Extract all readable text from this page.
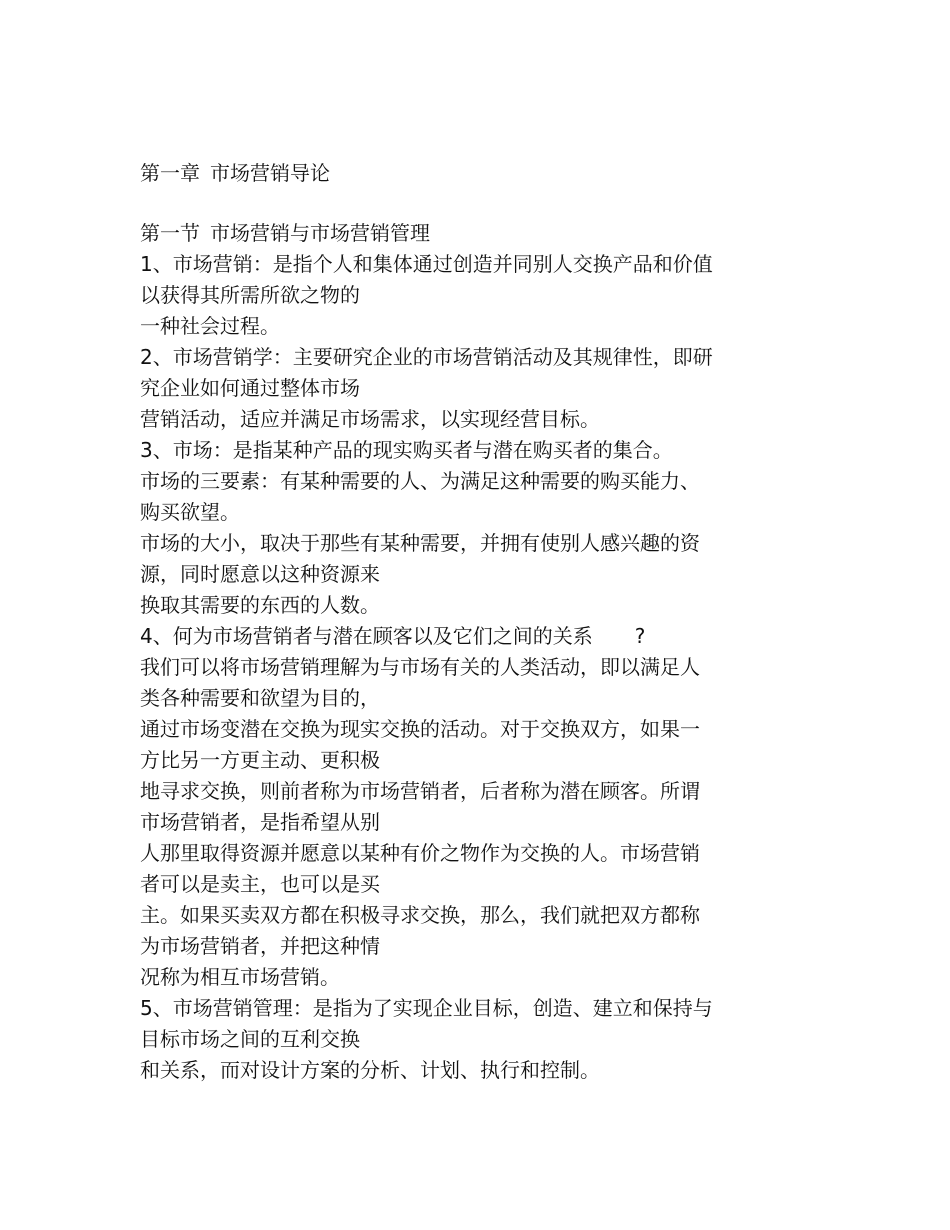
第一章 市场营销导论

第一节 市场营销与市场营销管理

1、市场营销：是指个人和集体通过创造并同别人交换产品和价值

以获得其所需所欲之物的

一种社会过程。

2、市场营销学：主要研究企业的市场营销活动及其规律性，即研

究企业如何通过整体市场

营销活动，适应并满足市场需求，以实现经营目标。

3、市场：是指某种产品的现实购买者与潜在购买者的集合。

市场的三要素：有某种需要的人、为满足这种需要的购买能力、

购买欲望。

市场的大小，取决于那些有某种需要，并拥有使别人感兴趣的资

源，同时愿意以这种资源来

换取其需要的东西的人数。

4、何为市场营销者与潜在顾客以及它们之间的关系 ?

我们可以将市场营销理解为与市场有关的人类活动，即以满足人

类各种需要和欲望为目的，

通过市场变潜在交换为现实交换的活动。对于交换双方，如果一

方比另一方更主动、更积极

地寻求交换，则前者称为市场营销者，后者称为潜在顾客。所谓

市场营销者，是指希望从别

人那里取得资源并愿意以某种有价之物作为交换的人。市场营销

者可以是卖主，也可以是买

主。如果买卖双方都在积极寻求交换，那么，我们就把双方都称

为市场营销者，并把这种情

况称为相互市场营销。

5、市场营销管理：是指为了实现企业目标，创造、建立和保持与

目标市场之间的互利交换

和关系，而对设计方案的分析、计划、执行和控制。
